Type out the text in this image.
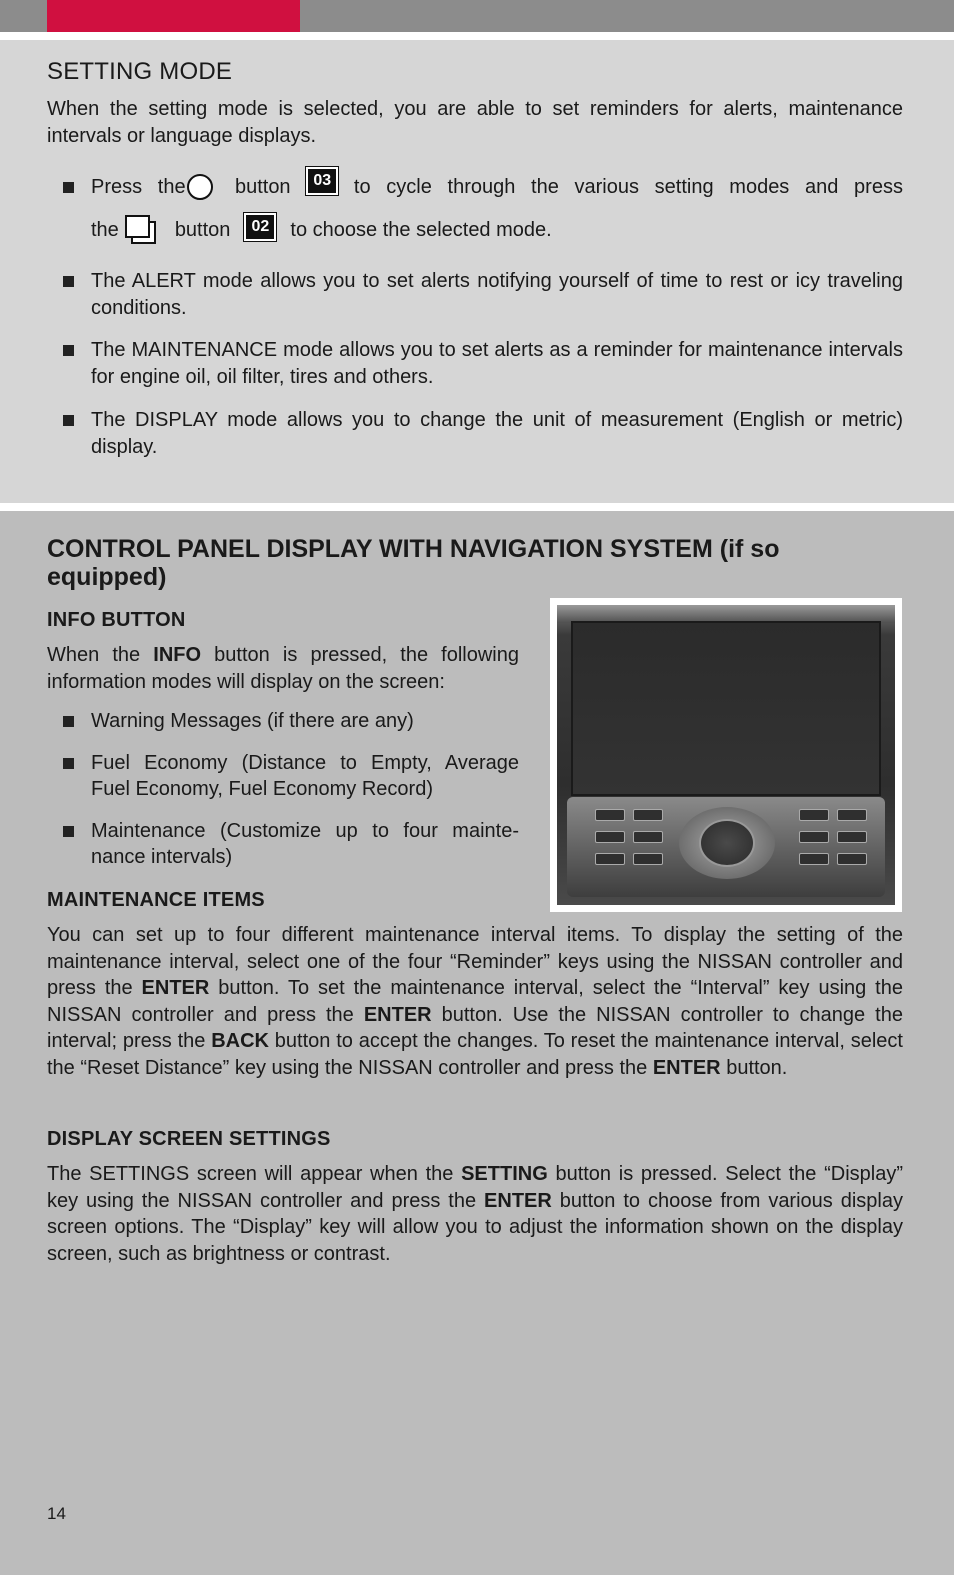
SETTING MODE

When the setting mode is selected, you are able to set reminders for alerts, maintenance intervals or language displays.

Press the button	03	to cycle through the various setting modes and press
the	button	02	to choose the selected mode.

The ALERT mode allows you to set alerts notifying yourself of time to rest or icy traveling conditions.

The MAINTENANCE mode allows you to set alerts as a reminder for maintenance intervals for engine oil, oil filter, tires and others.

The DISPLAY mode allows you to change the unit of measurement (English or metric) display.

CONTROL PANEL DISPLAY WITH NAVIGATION SYSTEM (if so equipped)
INFO BUTTON

When the INFO button is pressed, the following information modes will display on the screen:

Warning Messages (if there are any)

Fuel Economy (Distance to Empty, Average Fuel Economy, Fuel Economy Record)

Maintenance (Customize up to four mainte-nance intervals)

MAINTENANCE ITEMS

You can set up to four different maintenance interval items. To display the setting of the maintenance interval, select one of the four “Reminder” keys using the NISSAN controller and press the ENTER button. To set the maintenance interval, select the “Interval” key using the NISSAN controller and press the ENTER button. Use the NISSAN controller to change the interval; press the BACK button to accept the changes. To reset the maintenance interval, select the “Reset Distance” key using the NISSAN controller and press the ENTER button.

DISPLAY SCREEN SETTINGS

The SETTINGS screen will appear when the SETTING button is pressed. Select the “Display” key using the NISSAN controller and press the ENTER button to choose from various display screen options. The “Display” key will allow you to adjust the information shown on the display screen, such as brightness or contrast.

14
